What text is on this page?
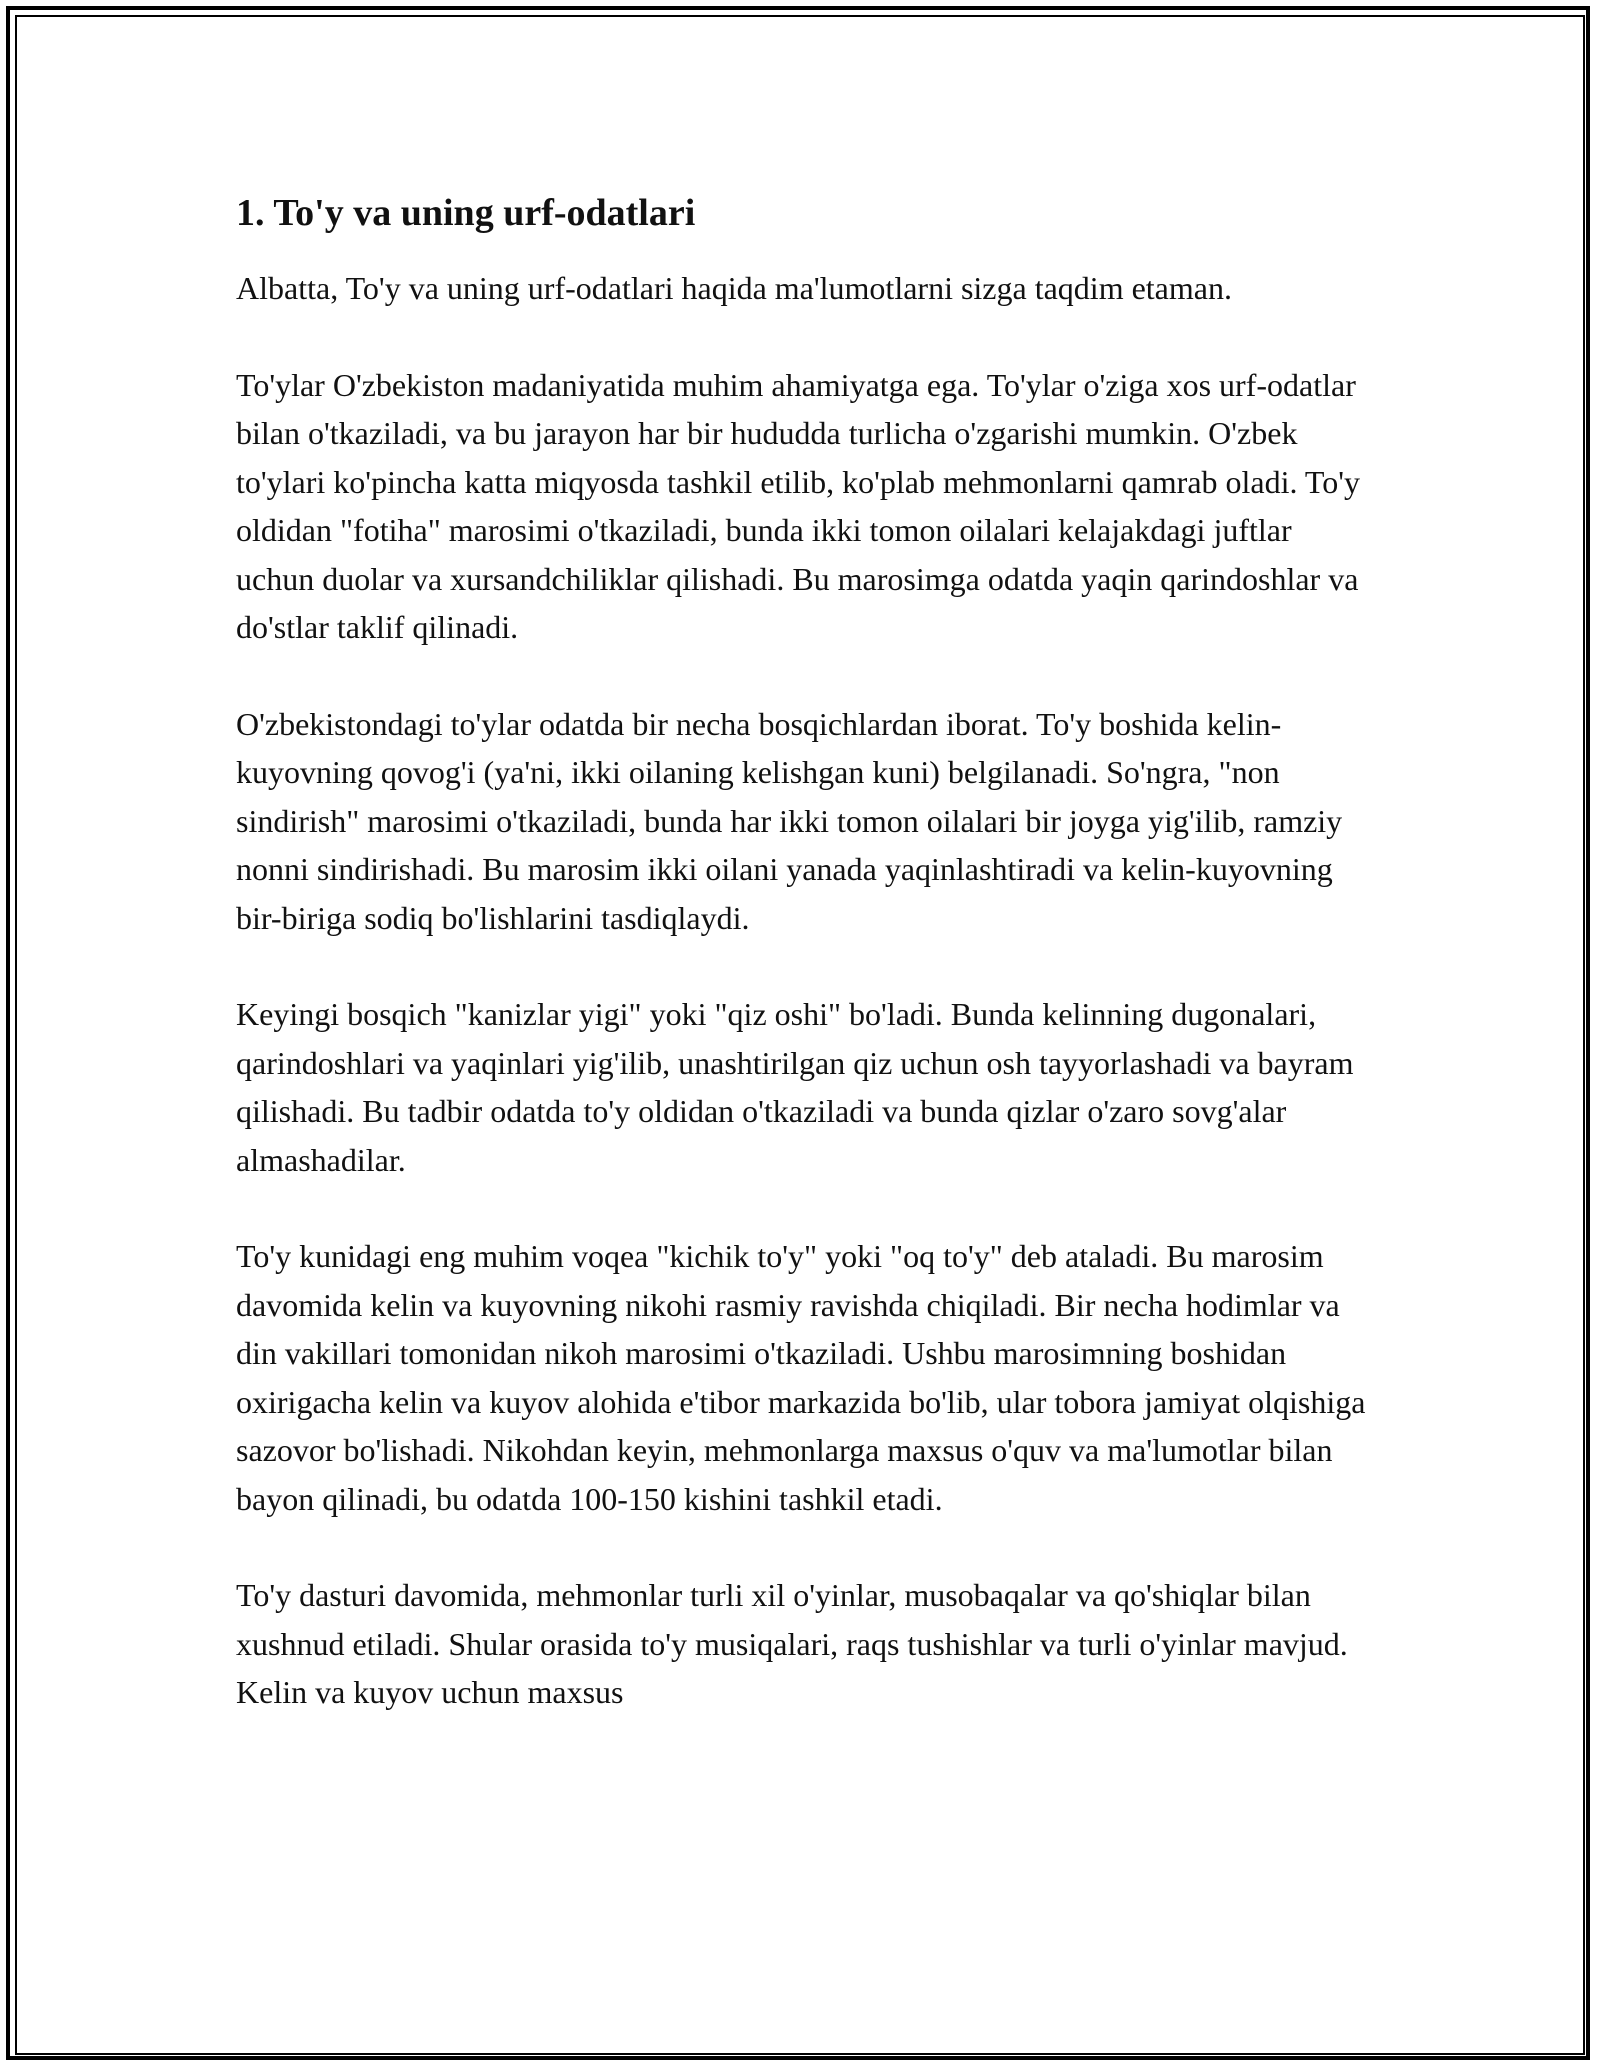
1. To'y va uning urf-odatlari

Albatta, To'y va uning urf-odatlari haqida ma'lumotlarni sizga taqdim etaman.

To'ylar O'zbekiston madaniyatida muhim ahamiyatga ega. To'ylar o'ziga xos urf-odatlar bilan o'tkaziladi, va bu jarayon har bir hududda turlicha o'zgarishi mumkin. O'zbek to'ylari ko'pincha katta miqyosda tashkil etilib, ko'plab mehmonlarni qamrab oladi. To'y oldidan "fotiha" marosimi o'tkaziladi, bunda ikki tomon oilalari kelajakdagi juftlar uchun duolar va xursandchiliklar qilishadi. Bu marosimga odatda yaqin qarindoshlar va do'stlar taklif qilinadi.

O'zbekistondagi to'ylar odatda bir necha bosqichlardan iborat. To'y boshida kelin-kuyovning qovog'i (ya'ni, ikki oilaning kelishgan kuni) belgilanadi. So'ngra, "non sindirish" marosimi o'tkaziladi, bunda har ikki tomon oilalari bir joyga yig'ilib, ramziy nonni sindirishadi. Bu marosim ikki oilani yanada yaqinlashtiradi va kelin-kuyovning bir-biriga sodiq bo'lishlarini tasdiqlaydi.

Keyingi bosqich "kanizlar yigi" yoki "qiz oshi" bo'ladi. Bunda kelinning dugonalari, qarindoshlari va yaqinlari yig'ilib, unashtirilgan qiz uchun osh tayyorlashadi va bayram qilishadi. Bu tadbir odatda to'y oldidan o'tkaziladi va bunda qizlar o'zaro sovg'alar almashadilar.

To'y kunidagi eng muhim voqea "kichik to'y" yoki "oq to'y" deb ataladi. Bu marosim davomida kelin va kuyovning nikohi rasmiy ravishda chiqiladi. Bir necha hodimlar va din vakillari tomonidan nikoh marosimi o'tkaziladi. Ushbu marosimning boshidan oxirigacha kelin va kuyov alohida e'tibor markazida bo'lib, ular tobora jamiyat olqishiga sazovor bo'lishadi. Nikohdan keyin, mehmonlarga maxsus o'quv va ma'lumotlar bilan bayon qilinadi, bu odatda 100-150 kishini tashkil etadi.

To'y dasturi davomida, mehmonlar turli xil o'yinlar, musobaqalar va qo'shiqlar bilan xushnud etiladi. Shular orasida to'y musiqalari, raqs tushishlar va turli o'yinlar mavjud. Kelin va kuyov uchun maxsus
